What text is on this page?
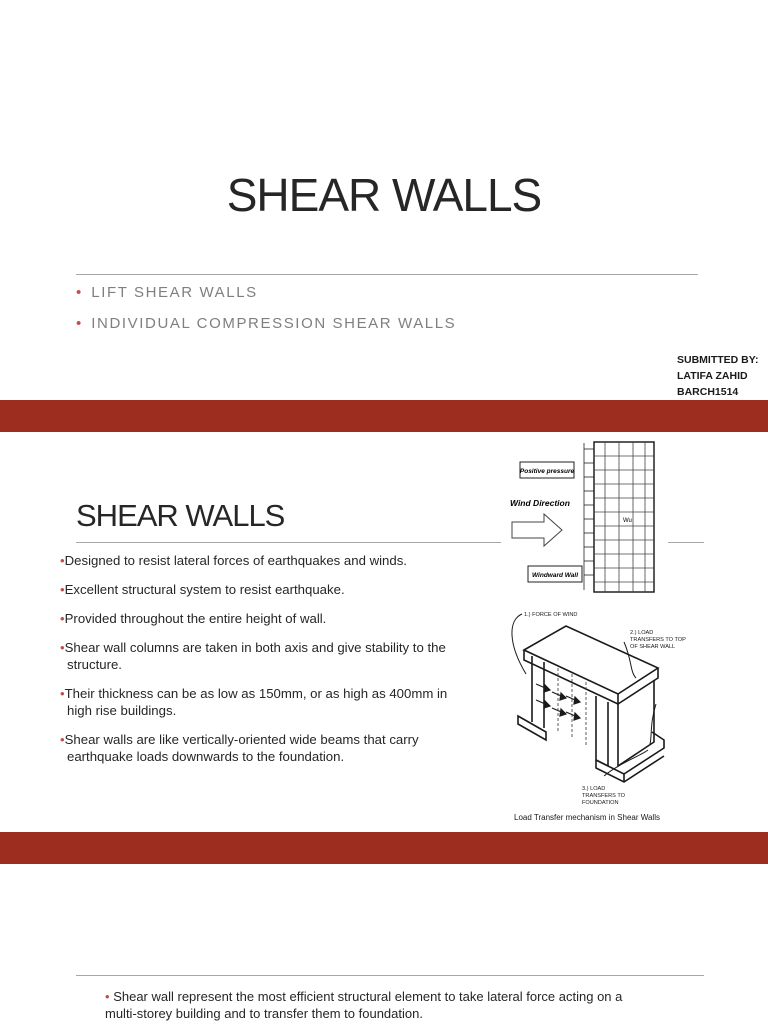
SHEAR WALLS
• LIFT SHEAR WALLS
• INDIVIDUAL COMPRESSION SHEAR WALLS
SUBMITTED BY:
LATIFA ZAHID
BARCH1514
SHEAR WALLS
•Designed to resist lateral forces of earthquakes and winds.
•Excellent structural system to resist earthquake.
•Provided throughout the entire height of wall.
•Shear wall columns are taken in both axis and give stability to the structure.
•Their thickness can be as low as 150mm, or as high as 400mm in high rise buildings.
•Shear walls are like vertically-oriented wide beams that carry earthquake loads downwards to the foundation.
Positive pressure
Wind Direction
Windward Wall
Wu
1.) FORCE OF WIND
2.) LOAD
TRANSFERS TO TOP
OF SHEAR WALL
3.) LOAD
TRANSFERS TO
FOUNDATION
Load Transfer mechanism in Shear Walls
• Shear wall represent the most efficient structural element to take lateral force acting on a multi-storey building and to transfer them to foundation.
